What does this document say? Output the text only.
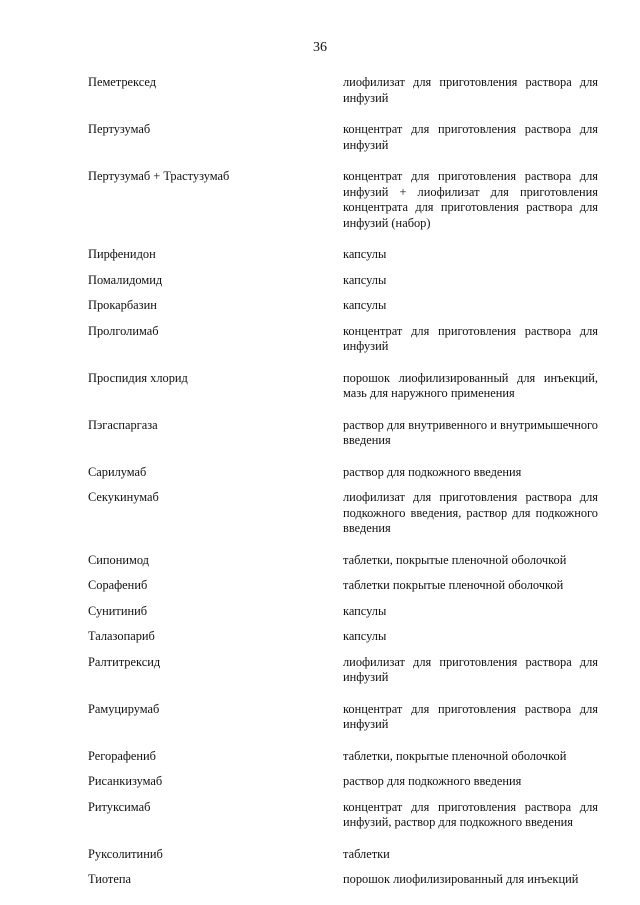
36
Пеметрексед	лиофилизат для приготовления раствора для инфузий
Пертузумаб	концентрат для приготовления раствора для инфузий
Пертузумаб + Трастузумаб	концентрат для приготовления раствора для инфузий + лиофилизат для приготовления концентрата для приготовления раствора для инфузий (набор)
Пирфенидон	капсулы
Помалидомид	капсулы
Прокарбазин	капсулы
Пролголимаб	концентрат для приготовления раствора для инфузий
Проспидия хлорид	порошок лиофилизированный для инъекций, мазь для наружного применения
Пэгаспаргаза	раствор для внутривенного и внутримышечного введения
Сарилумаб	раствор для подкожного введения
Секукинумаб	лиофилизат для приготовления раствора для подкожного введения, раствор для подкожного введения
Сипонимод	таблетки, покрытые пленочной оболочкой
Сорафениб	таблетки покрытые пленочной оболочкой
Сунитиниб	капсулы
Талазопариб	капсулы
Ралтитрексид	лиофилизат для приготовления раствора для инфузий
Рамуцирумаб	концентрат для приготовления раствора для инфузий
Регорафениб	таблетки, покрытые пленочной оболочкой
Рисанкизумаб	раствор для подкожного введения
Ритуксимаб	концентрат для приготовления раствора для инфузий, раствор для подкожного введения
Руксолитиниб	таблетки
Тиотепа	порошок лиофилизированный для инъекций
